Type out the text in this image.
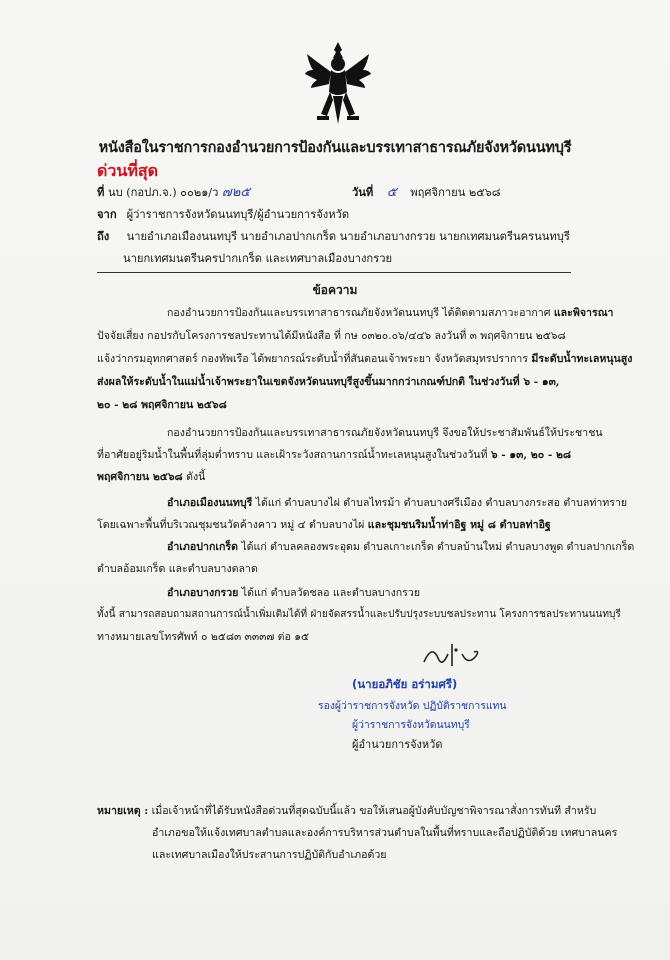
หนังสือในราชการกองอำนวยการป้องกันและบรรเทาสาธารณภัยจังหวัดนนทบุรี
ด่วนที่สุด
ที่ นบ (กอปภ.จ.) ๐๐๒๑/ว ๗๒๕	วันที่ ๕ พฤศจิกายน ๒๕๖๘
จาก ผู้ว่าราชการจังหวัดนนทบุรี/ผู้อำนวยการจังหวัด
ถึง นายอำเภอเมืองนนทบุรี นายอำเภอปากเกร็ด นายอำเภอบางกรวย นายกเทศมนตรีนครนนทบุรี
นายกเทศมนตรีนครปากเกร็ด และเทศบาลเมืองบางกรวย
ข้อความ
กองอำนวยการป้องกันและบรรเทาสาธารณภัยจังหวัดนนทบุรี ได้ติดตามสภาวะอากาศ และพิจารณา
ปัจจัยเสี่ยง กอปรกับโครงการชลประทานได้มีหนังสือ ที่ กษ ๐๓๒๐.๐๖/๔๔๖ ลงวันที่ ๓ พฤศจิกายน ๒๕๖๘
แจ้งว่ากรมอุทกศาสตร์ กองทัพเรือ ได้พยากรณ์ระดับน้ำที่สันดอนเจ้าพระยา จังหวัดสมุทรปราการ มีระดับน้ำทะเลหนุนสูง
ส่งผลให้ระดับน้ำในแม่น้ำเจ้าพระยาในเขตจังหวัดนนทบุรีสูงขึ้นมากกว่าเกณฑ์ปกติ ในช่วงวันที่ ๖ - ๑๓,
๒๐ - ๒๘ พฤศจิกายน ๒๕๖๘
กองอำนวยการป้องกันและบรรเทาสาธารณภัยจังหวัดนนทบุรี จึงขอให้ประชาสัมพันธ์ให้ประชาชน
ที่อาศัยอยู่ริมน้ำในพื้นที่ลุ่มต่ำทราบ และเฝ้าระวังสถานการณ์น้ำทะเลหนุนสูงในช่วงวันที่ ๖ - ๑๓, ๒๐ - ๒๘
พฤศจิกายน ๒๕๖๘ ดังนี้
อำเภอเมืองนนทบุรี ได้แก่ ตำบลบางไผ่ ตำบลไทรม้า ตำบลบางศรีเมือง ตำบลบางกระสอ ตำบลท่าทราย
โดยเฉพาะพื้นที่บริเวณชุมชนวัดค้างคาว หมู่ ๔ ตำบลบางไผ่ และชุมชนริมน้ำท่าอิฐ หมู่ ๘ ตำบลท่าอิฐ
อำเภอปากเกร็ด ได้แก่ ตำบลคลองพระอุดม ตำบลเกาะเกร็ด ตำบลบ้านใหม่ ตำบลบางพูด ตำบลปากเกร็ด
ตำบลอ้อมเกร็ด และตำบลบางตลาด
อำเภอบางกรวย ได้แก่ ตำบลวัดชลอ และตำบลบางกรวย
ทั้งนี้ สามารถสอบถามสถานการณ์น้ำเพิ่มเติมได้ที่ ฝ่ายจัดสรรน้ำและปรับปรุงระบบชลประทาน โครงการชลประทานนนทบุรี
ทางหมายเลขโทรศัพท์ ๐ ๒๕๘๓ ๓๓๓๗ ต่อ ๑๕
(นายอภิชัย อร่ามศรี)
รองผู้ว่าราชการจังหวัด ปฏิบัติราชการแทน
ผู้ว่าราชการจังหวัดนนทบุรี
ผู้อำนวยการจังหวัด
หมายเหตุ : เมื่อเจ้าหน้าที่ได้รับหนังสือด่วนที่สุดฉบับนี้แล้ว ขอให้เสนอผู้บังคับบัญชาพิจารณาสั่งการทันที สำหรับ
อำเภอขอให้แจ้งเทศบาลตำบลและองค์การบริหารส่วนตำบลในพื้นที่ทราบและถือปฏิบัติด้วย เทศบาลนคร
และเทศบาลเมืองให้ประสานการปฏิบัติกับอำเภอด้วย
